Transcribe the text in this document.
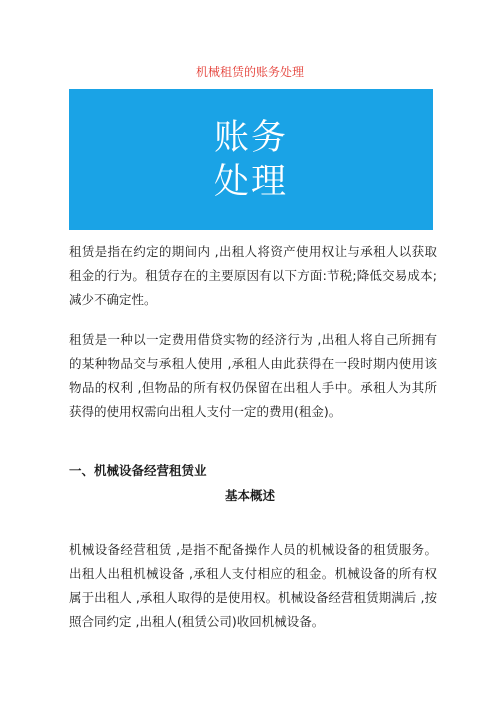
机械租赁的账务处理
账务
处理

租赁是指在约定的期间内 ,出租人将资产使用权让与承租人以获取租金的行为。租赁存在的主要原因有以下方面:节税;降低交易成本;减少不确定性。

租赁是一种以一定费用借贷实物的经济行为 ,出租人将自己所拥有的某种物品交与承租人使用 ,承租人由此获得在一段时期内使用该物品的权利 ,但物品的所有权仍保留在出租人手中。承租人为其所获得的使用权需向出租人支付一定的费用(租金)。

一、机械设备经营租赁业
基本概述

机械设备经营租赁 ,是指不配备操作人员的机械设备的租赁服务。出租人出租机械设备 ,承租人支付相应的租金。机械设备的所有权属于出租人 ,承租人取得的是使用权。机械设备经营租赁期满后 ,按照合同约定 ,出租人(租赁公司)收回机械设备。
